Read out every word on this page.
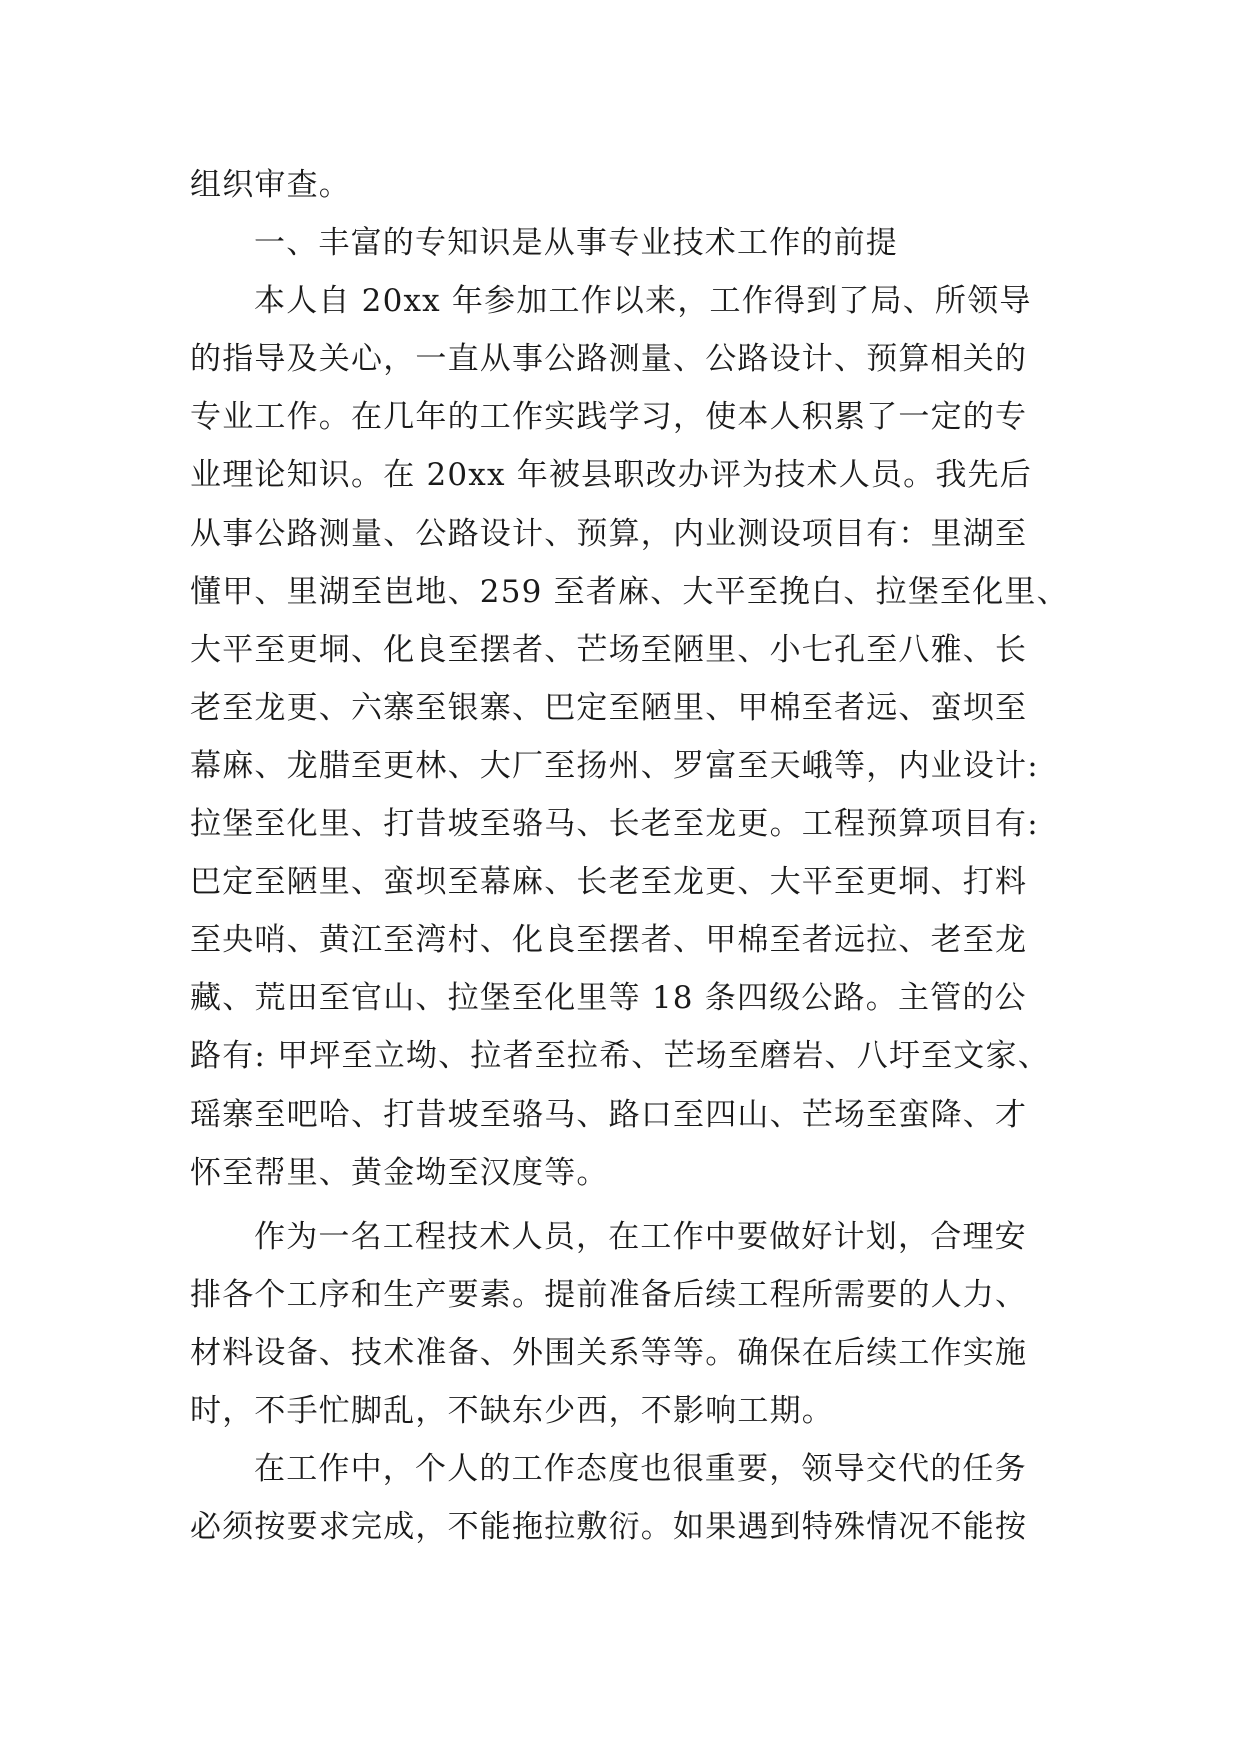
组织审查。
一、丰富的专知识是从事专业技术工作的前提
本人自 20xx 年参加工作以来，工作得到了局、所领导
的指导及关心，一直从事公路测量、公路设计、预算相关的
专业工作。在几年的工作实践学习，使本人积累了一定的专
业理论知识。在 20xx 年被县职改办评为技术人员。我先后
从事公路测量、公路设计、预算，内业测设项目有：里湖至
懂甲、里湖至岜地、259 至者麻、大平至挽白、拉堡至化里、
大平至更垌、化良至摆者、芒场至陋里、小七孔至八雅、长
老至龙更、六寨至银寨、巴定至陋里、甲棉至者远、蛮坝至
幕麻、龙腊至更林、大厂至扬州、罗富至天峨等，内业设计:
拉堡至化里、打昔坡至骆马、长老至龙更。工程预算项目有:
巴定至陋里、蛮坝至幕麻、长老至龙更、大平至更垌、打料
至央哨、黄江至湾村、化良至摆者、甲棉至者远拉、老至龙
藏、荒田至官山、拉堡至化里等 18 条四级公路。主管的公
路有: 甲坪至立坳、拉者至拉希、芒场至磨岩、八圩至文家、
瑶寨至吧哈、打昔坡至骆马、路口至四山、芒场至蛮降、才
怀至帮里、黄金坳至汉度等。
作为一名工程技术人员，在工作中要做好计划，合理安
排各个工序和生产要素。提前准备后续工程所需要的人力、
材料设备、技术准备、外围关系等等。确保在后续工作实施
时，不手忙脚乱，不缺东少西，不影响工期。
在工作中，个人的工作态度也很重要，领导交代的任务
必须按要求完成，不能拖拉敷衍。如果遇到特殊情况不能按
